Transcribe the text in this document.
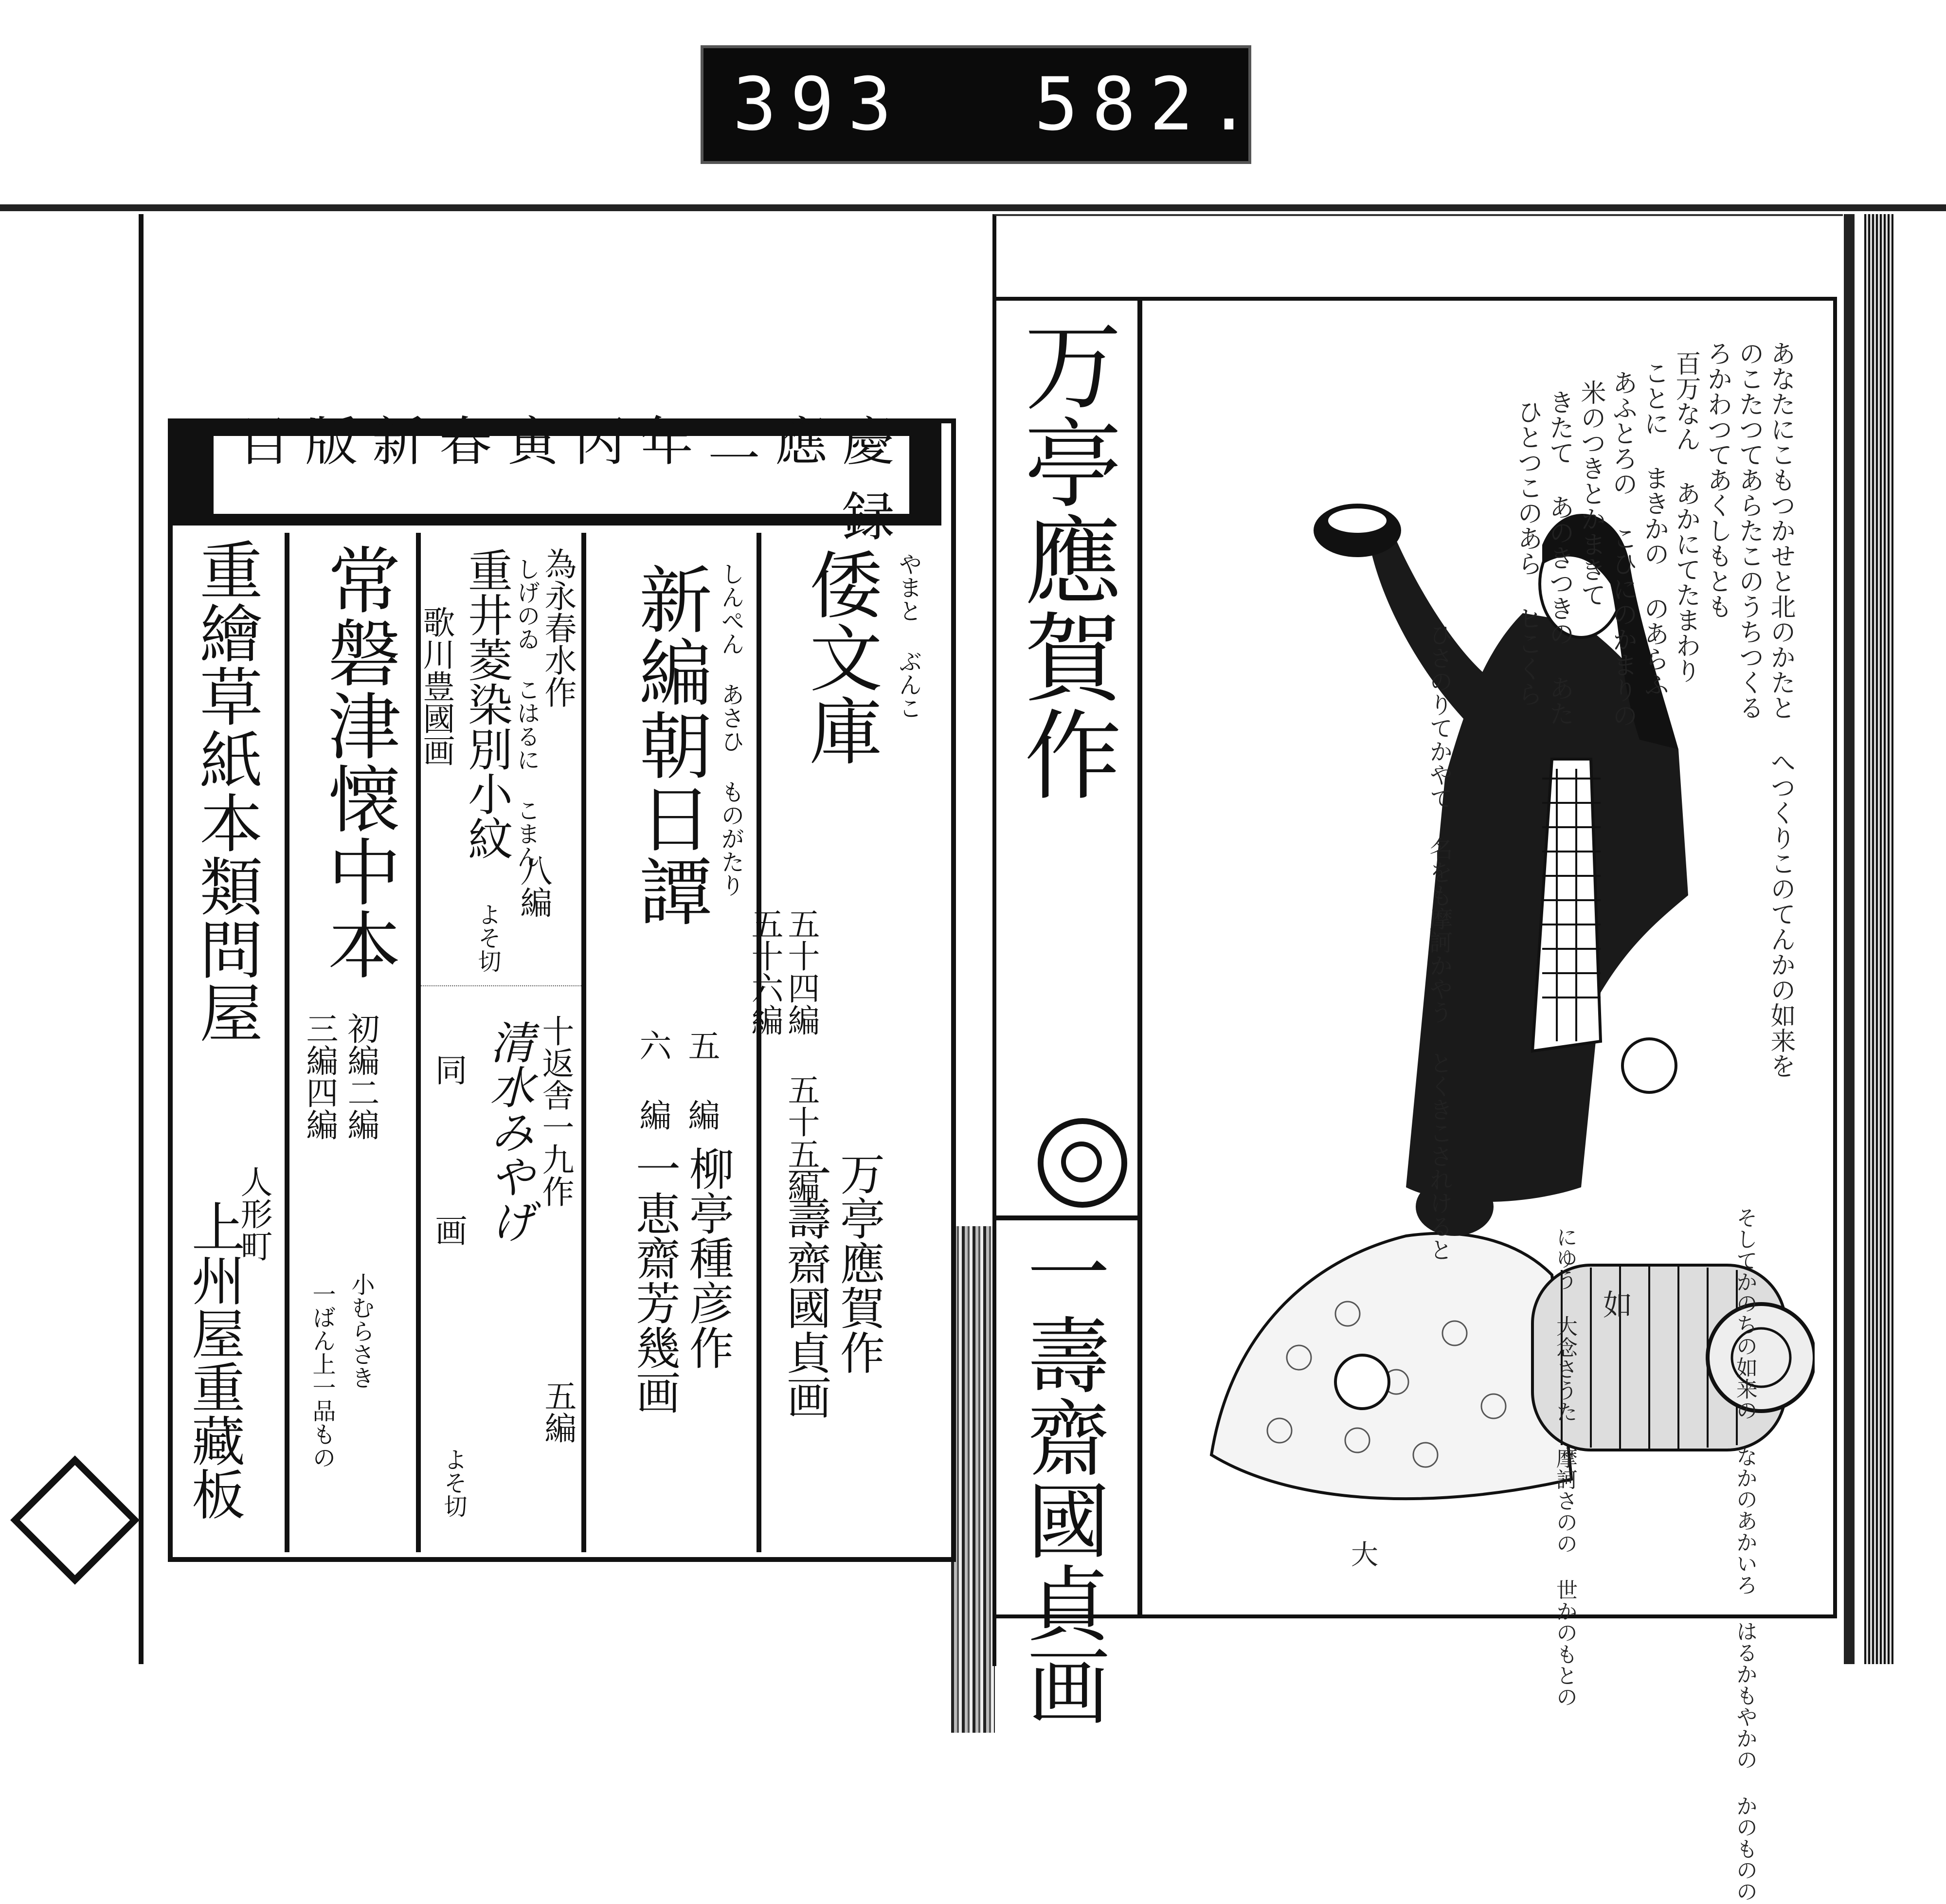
393 582.
慶應二年丙寅春新版目録
やまと ぶんこ
倭文庫
五十四編 五十五編
五十六編
万亭應賀作
一壽齋國貞画
しんぺん あさひ ものがたり
新編朝日譚
五 編
六 編
柳亭種彦作
一恵齋芳幾画
為永春水作
しげのゐ こはるに こまん
重井菱染別小紋
八編
よそ切
歌川豊國画
十返舎一九作
清水みやげ
同
画
五編
よそ切
常磐津懐中本
初編二編
三編四編
小むらさき
一ばん上一品もの
重繪草紙本類問屋
人形町
上州屋重藏板
万亭應賀作
一壽齋國貞画	如
大
あなたにこもつかせと北のかたと へつくりこのてんかの如来を
のこたつてあらたこのうちつくる
ろかわつてあくしもとも
百万なん あかにてたまわり
ことに まきかの のあらふ
あふとろの こひにのかまりの
米のつきとかまきて
きたて あのきつきの あた
ひとつこのあら ヒこくら
ひさのりてかやて 名をも摩訶かやう とくきこされけると
そしてかのちの如来の なかのあかいろ はるかもやかの かのものの
にゆう 大念さうた 摩訶さのの 世かのもとの
